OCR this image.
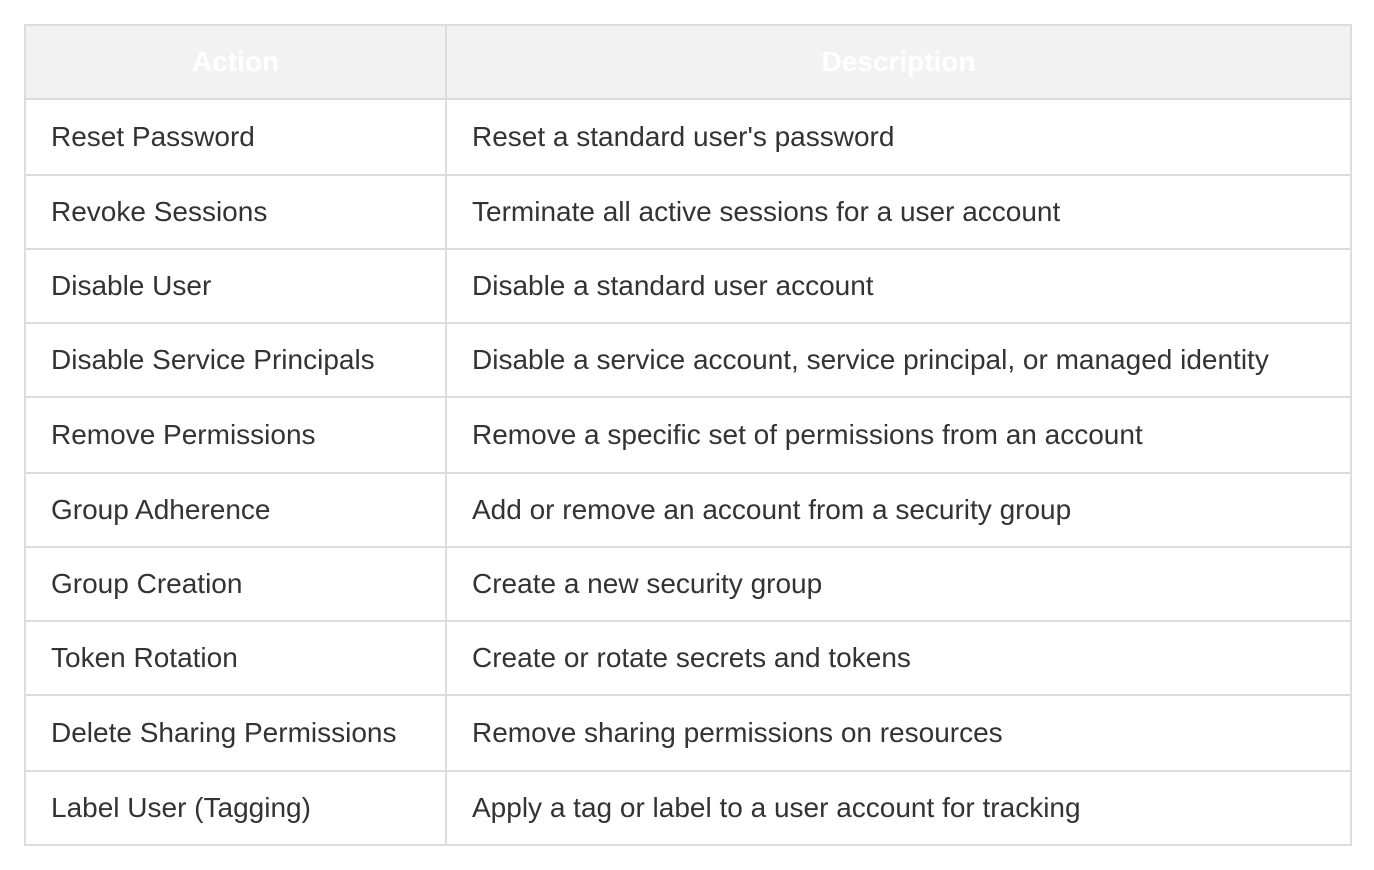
Action	Description
Reset Password	Reset a standard user's password
Revoke Sessions	Terminate all active sessions for a user account
Disable User	Disable a standard user account
Disable Service Principals	Disable a service account, service principal, or managed identity
Remove Permissions	Remove a specific set of permissions from an account
Group Adherence	Add or remove an account from a security group
Group Creation	Create a new security group
Token Rotation	Create or rotate secrets and tokens
Delete Sharing Permissions	Remove sharing permissions on resources
Label User (Tagging)	Apply a tag or label to a user account for tracking
